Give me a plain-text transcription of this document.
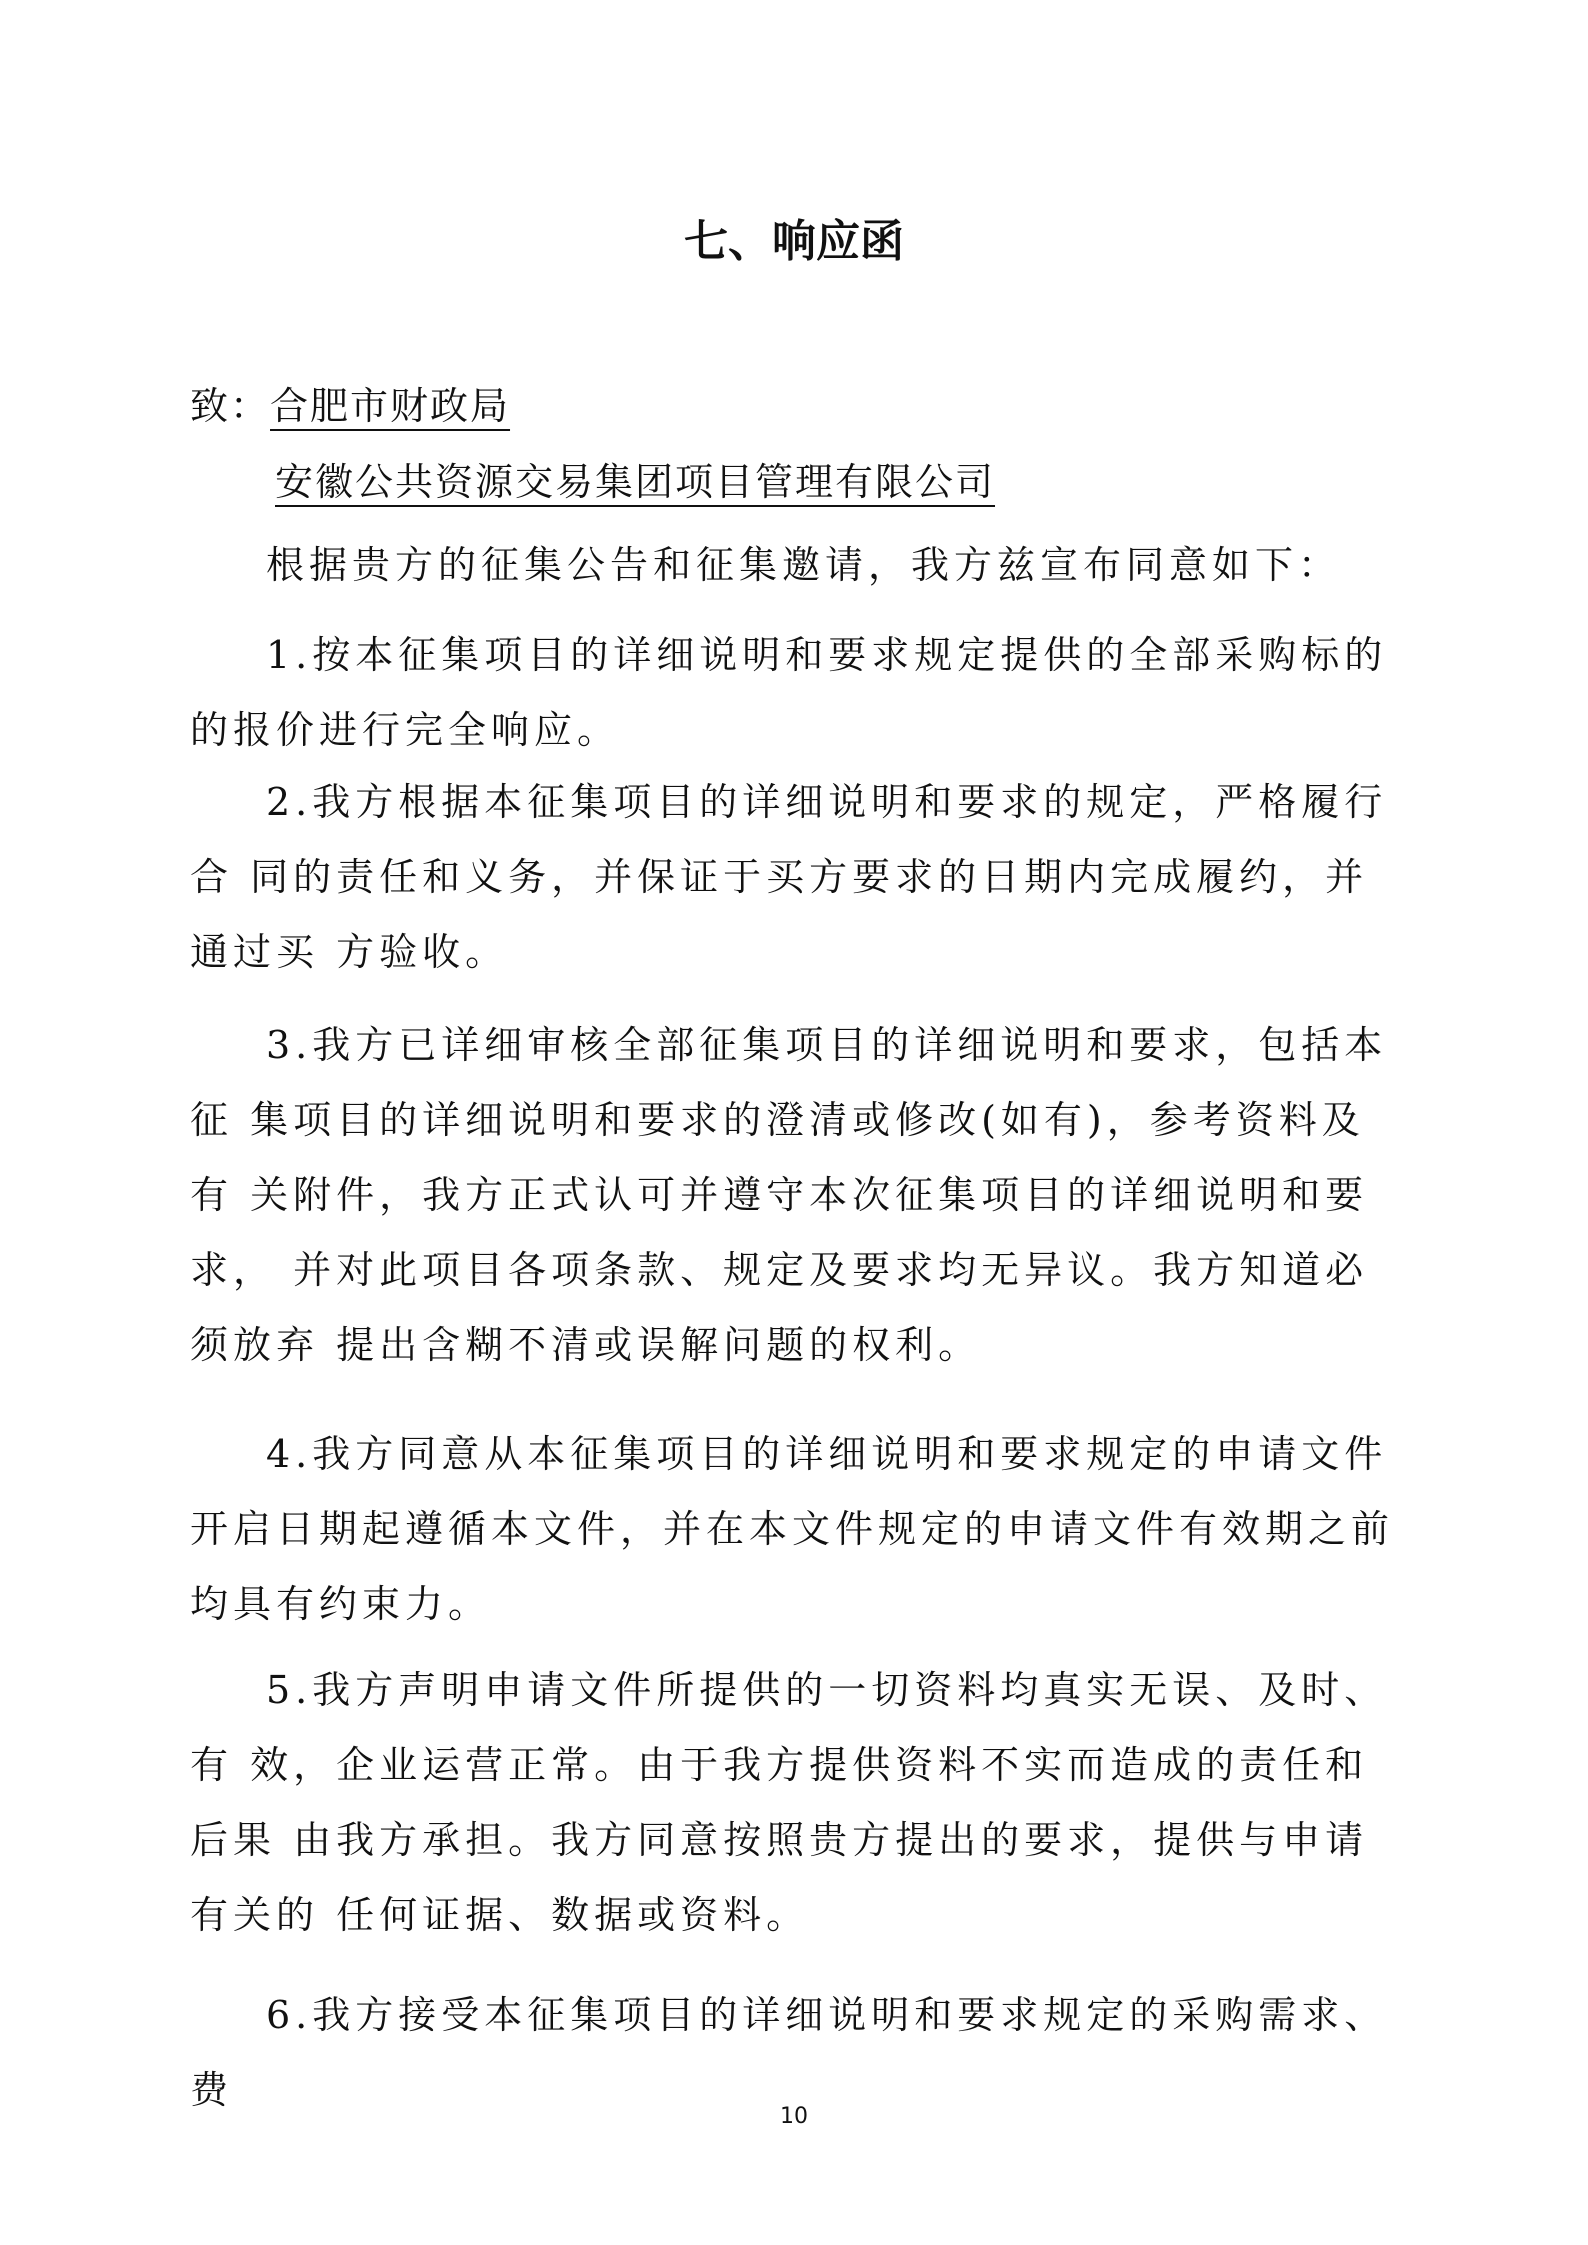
七、响应函
致：合肥市财政局
安徽公共资源交易集团项目管理有限公司
根据贵方的征集公告和征集邀请，我方兹宣布同意如下：
1.按本征集项目的详细说明和要求规定提供的全部采购标的 的报价进行完全响应。
2.我方根据本征集项目的详细说明和要求的规定，严格履行合 同的责任和义务，并保证于买方要求的日期内完成履约，并通过买 方验收。
3.我方已详细审核全部征集项目的详细说明和要求，包括本征 集项目的详细说明和要求的澄清或修改(如有)，参考资料及有 关附件，我方正式认可并遵守本次征集项目的详细说明和要求， 并对此项目各项条款、规定及要求均无异议。我方知道必须放弃 提出含糊不清或误解问题的权利。
4.我方同意从本征集项目的详细说明和要求规定的申请文件 开启日期起遵循本文件，并在本文件规定的申请文件有效期之前 均具有约束力。
5.我方声明申请文件所提供的一切资料均真实无误、及时、有 效，企业运营正常。由于我方提供资料不实而造成的责任和后果 由我方承担。我方同意按照贵方提出的要求，提供与申请有关的 任何证据、数据或资料。
6.我方接受本征集项目的详细说明和要求规定的采购需求、费
10
